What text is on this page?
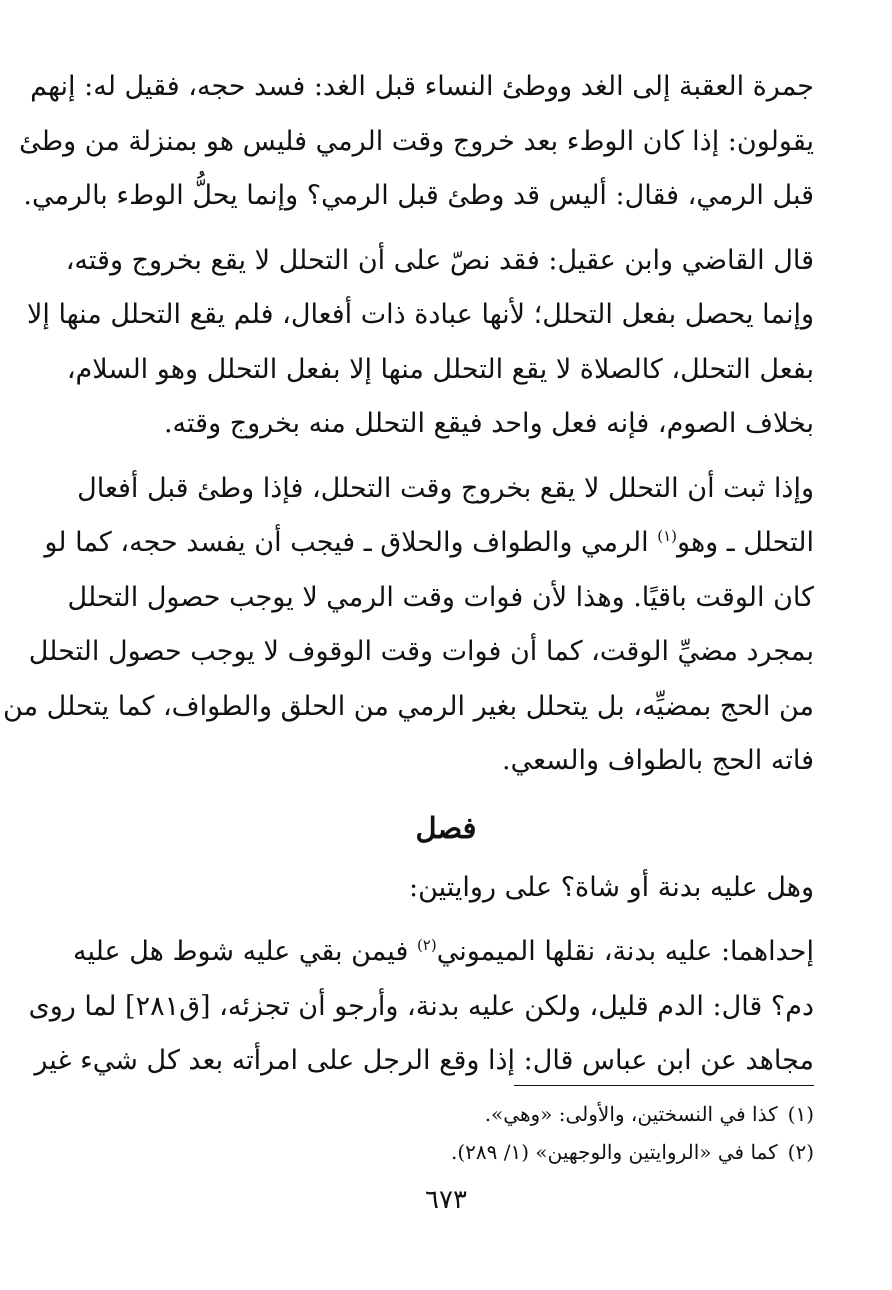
جمرة العقبة إلى الغد ووطئ النساء قبل الغد: فسد حجه، فقيل له: إنهم
يقولون: إذا كان الوطء بعد خروج وقت الرمي فليس هو بمنزلة من وطئ
قبل الرمي، فقال: أليس قد وطئ قبل الرمي؟ وإنما يحلُّ الوطء بالرمي.
قال القاضي وابن عقيل: فقد نصّ على أن التحلل لا يقع بخروج وقته،
وإنما يحصل بفعل التحلل؛ لأنها عبادة ذات أفعال، فلم يقع التحلل منها إلا
بفعل التحلل، كالصلاة لا يقع التحلل منها إلا بفعل التحلل وهو السلام،
بخلاف الصوم، فإنه فعل واحد فيقع التحلل منه بخروج وقته.
وإذا ثبت أن التحلل لا يقع بخروج وقت التحلل، فإذا وطئ قبل أفعال
التحلل ـ وهو$^{(١)}$ الرمي والطواف والحلاق ـ فيجب أن يفسد حجه، كما لو
كان الوقت باقيًا. وهذا لأن فوات وقت الرمي لا يوجب حصول التحلل
بمجرد مضيِّ الوقت، كما أن فوات وقت الوقوف لا يوجب حصول التحلل
من الحج بمضيِّه، بل يتحلل بغير الرمي من الحلق والطواف، كما يتحلل من
فاته الحج بالطواف والسعي.
فصل
وهل عليه بدنة أو شاة؟ على روايتين:
إحداهما: عليه بدنة، نقلها الميموني$^{(٢)}$ فيمن بقي عليه شوط هل عليه
دم؟ قال: الدم قليل، ولكن عليه بدنة، وأرجو أن تجزئه، [ق٢٨١] لما روى
مجاهد عن ابن عباس قال: إذا وقع الرجل على امرأته بعد كل شيء غير
(١)كذا في النسختين، والأولى: «وهي».
(٢)كما في «الروايتين والوجهين» (١/ ٢٨٩).
٦٧٣
